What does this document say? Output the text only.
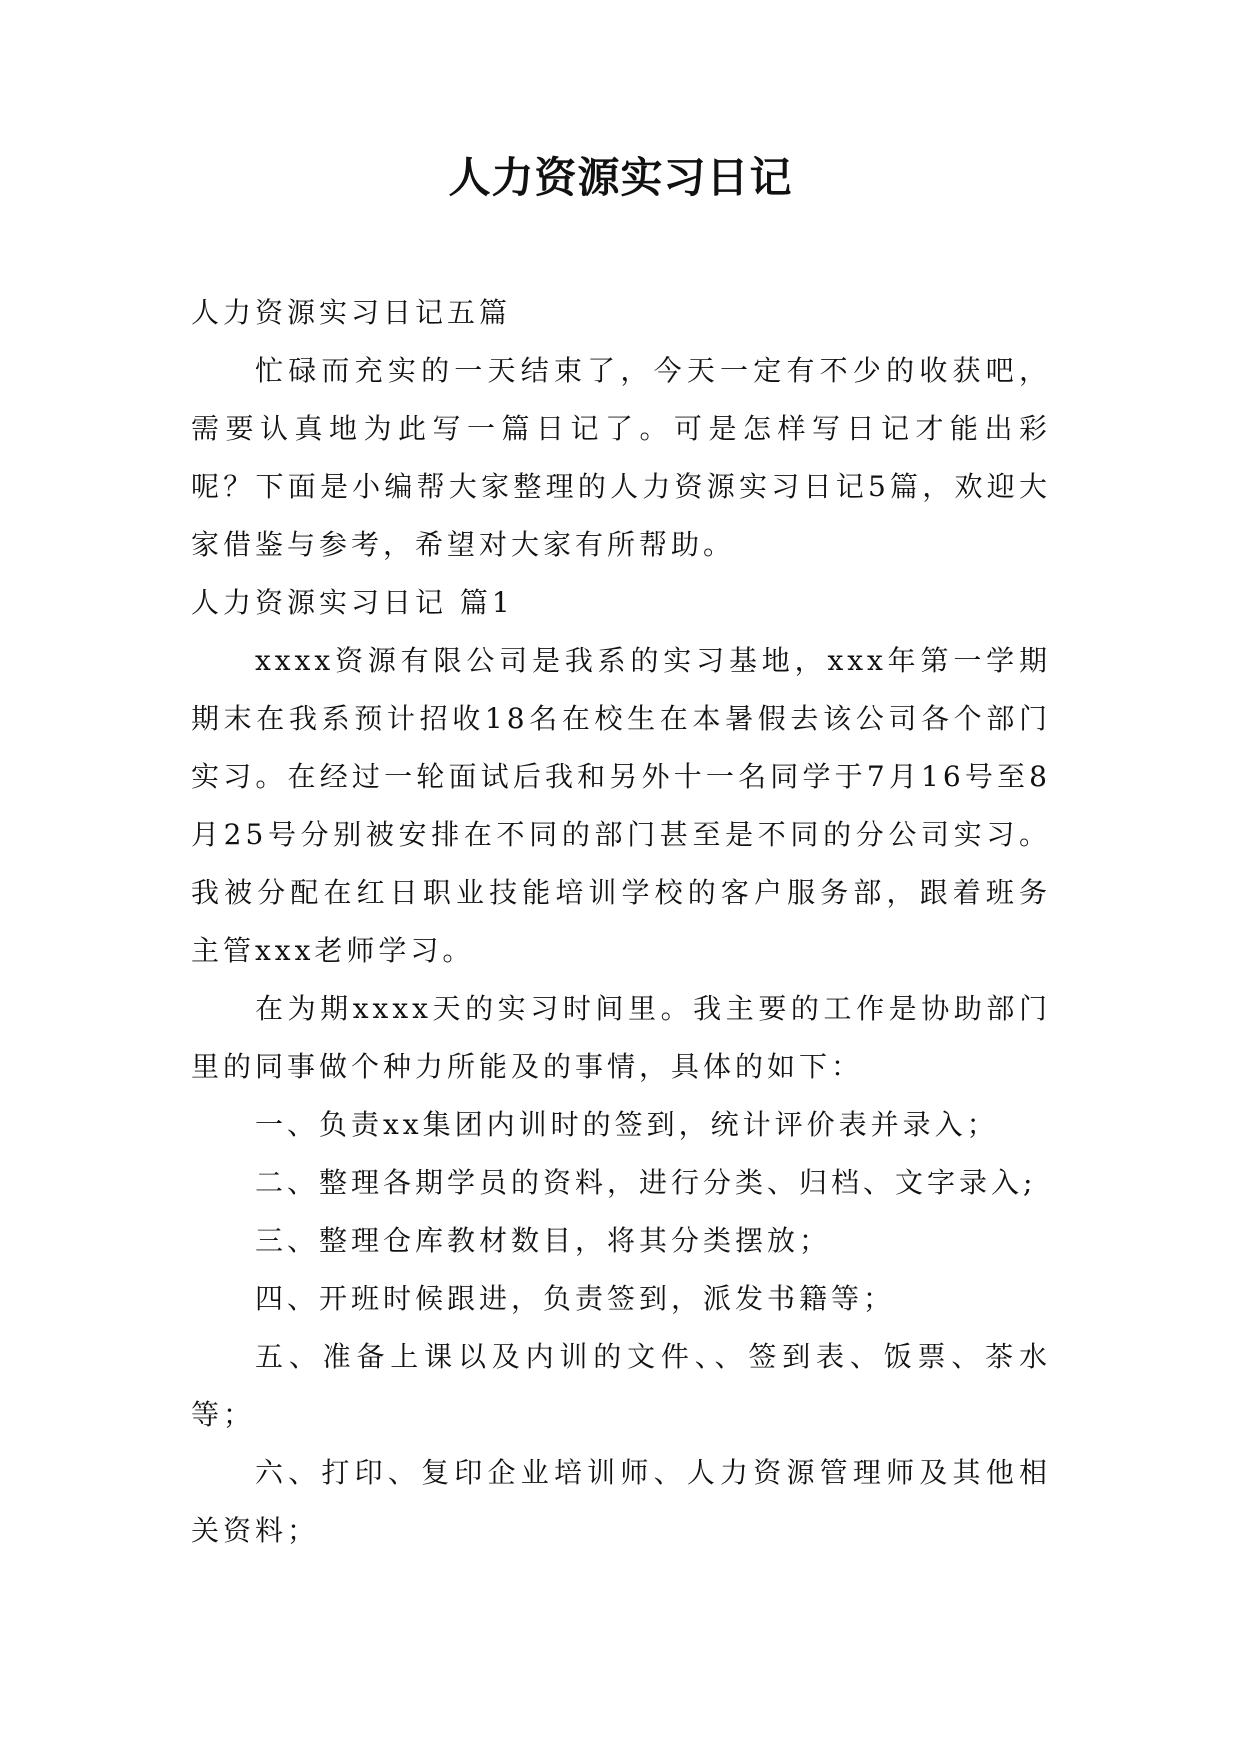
人力资源实习日记

人力资源实习日记五篇

忙碌而充实的一天结束了，今天一定有不少的收获吧，需要认真地为此写一篇日记了。可是怎样写日记才能出彩呢？下面是小编帮大家整理的人力资源实习日记5篇，欢迎大家借鉴与参考，希望对大家有所帮助。

人力资源实习日记 篇1

xxxx资源有限公司是我系的实习基地，xxx年第一学期期末在我系预计招收18名在校生在本暑假去该公司各个部门实习。在经过一轮面试后我和另外十一名同学于7月16号至8月25号分别被安排在不同的部门甚至是不同的分公司实习。我被分配在红日职业技能培训学校的客户服务部，跟着班务主管xxx老师学习。

在为期xxxx天的实习时间里。我主要的工作是协助部门里的同事做个种力所能及的事情，具体的如下：

一、负责xx集团内训时的签到，统计评价表并录入；

二、整理各期学员的资料，进行分类、归档、文字录入;

三、整理仓库教材数目，将其分类摆放；

四、开班时候跟进，负责签到，派发书籍等；

五、准备上课以及内训的文件、、签到表、饭票、茶水等；

六、打印、复印企业培训师、人力资源管理师及其他相关资料；
